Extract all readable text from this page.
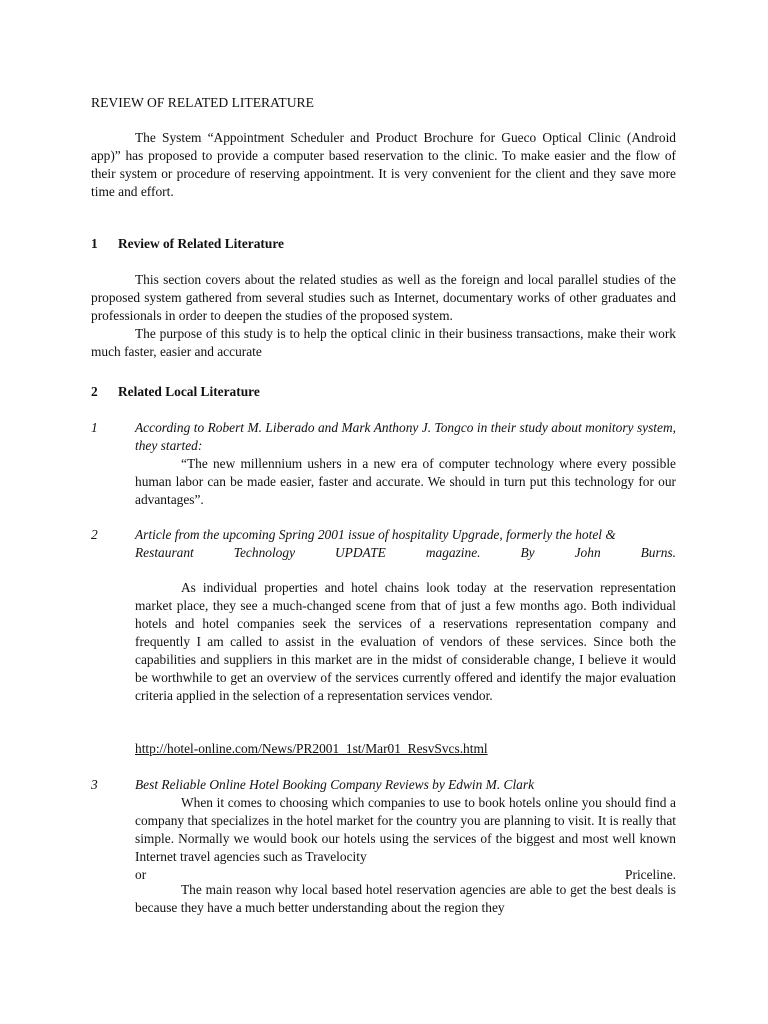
REVIEW OF RELATED LITERATURE

The System “Appointment Scheduler and Product Brochure for Gueco Optical Clinic (Android app)” has proposed to provide a computer based reservation to the clinic. To make easier and the flow of their system or procedure of reserving appointment. It is very convenient for the client and they save more time and effort.

1 Review of Related Literature

This section covers about the related studies as well as the foreign and local parallel studies of the proposed system gathered from several studies such as Internet, documentary works of other graduates and professionals in order to deepen the studies of the proposed system.

The purpose of this study is to help the optical clinic in their business transactions, make their work much faster, easier and accurate

2 Related Local Literature
1	According to Robert M. Liberado and Mark Anthony J. Tongco in their study about monitory system, they started:

“The new millennium ushers in a new era of computer technology where every possible human labor can be made easier, faster and accurate. We should in turn put this technology for our advantages”.

2	Article from the upcoming Spring 2001 issue of hospitality Upgrade, formerly the hotel &
Restaurant	Technology	UPDATE	magazine.	By	John	Burns.

As individual properties and hotel chains look today at the reservation representation market place, they see a much-changed scene from that of just a few months ago. Both individual hotels and hotel companies seek the services of a reservations representation company and frequently I am called to assist in the evaluation of vendors of these services. Since both the capabilities and suppliers in this market are in the midst of considerable change, I believe it would be worthwhile to get an overview of the services currently offered and identify the major evaluation criteria applied in the selection of a representation services vendor.

http://hotel-online.com/News/PR2001_1st/Mar01_ResvSvcs.html
3	Best Reliable Online Hotel Booking Company Reviews by Edwin M. Clark

When it comes to choosing which companies to use to book hotels online you should find a company that specializes in the hotel market for the country you are planning to visit. It is really that simple. Normally we would book our hotels using the services of the biggest and most well known Internet travel agencies such as Travelocity

or	Priceline.

The main reason why local based hotel reservation agencies are able to get the best deals is because they have a much better understanding about the region they
